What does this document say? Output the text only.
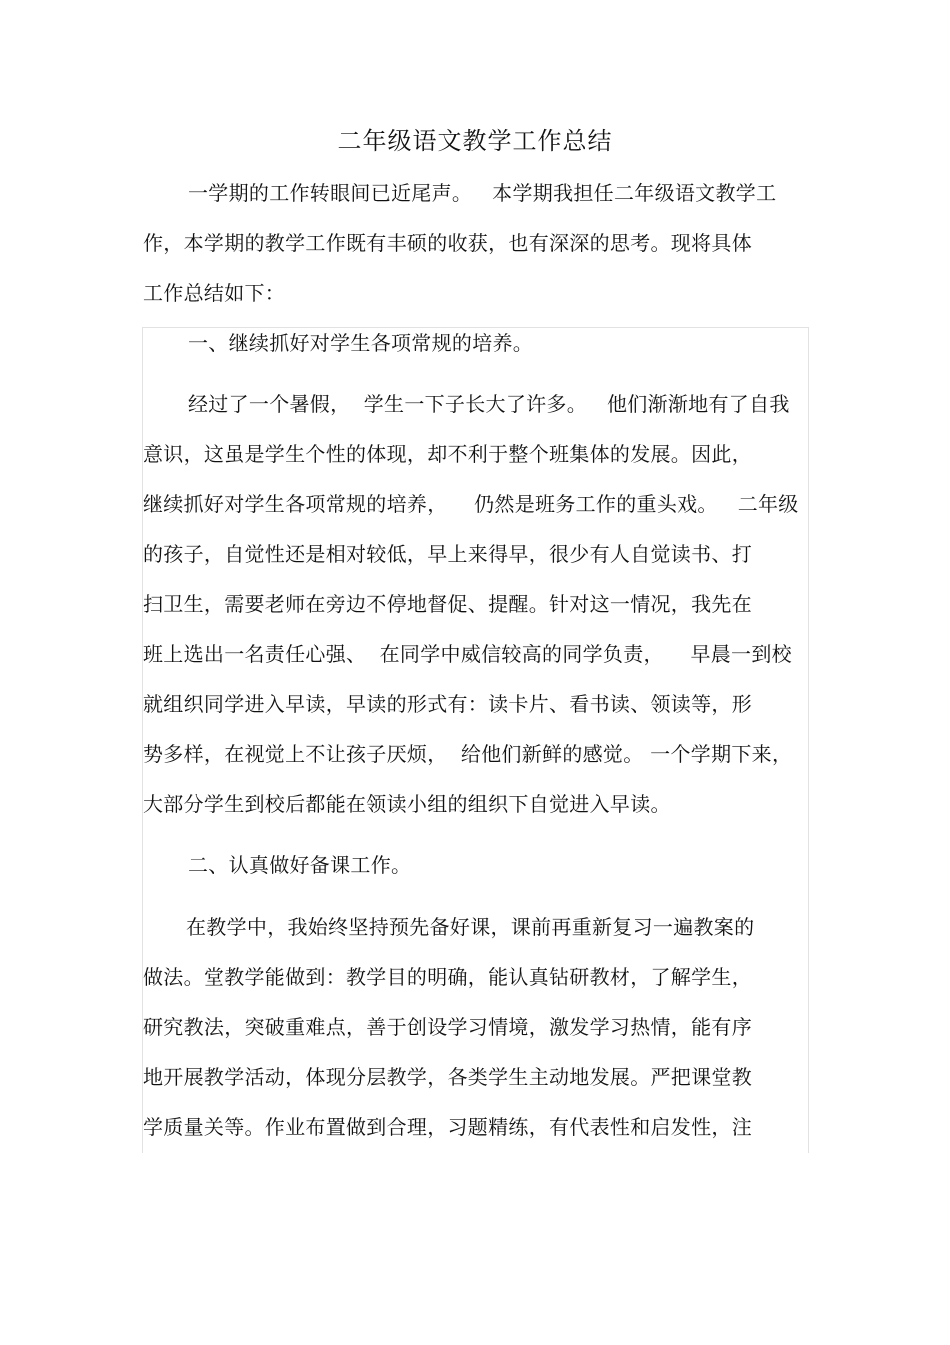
二年级语文教学工作总结
一学期的工作转眼间已近尾声。   本学期我担任二年级语文教学工
作，本学期的教学工作既有丰硕的收获，也有深深的思考。现将具体
工作总结如下：
一、继续抓好对学生各项常规的培养。
经过了一个暑假，  学生一下子长大了许多。   他们渐渐地有了自我
意识，这虽是学生个性的体现，却不利于整个班集体的发展。因此，
继续抓好对学生各项常规的培养，    仍然是班务工作的重头戏。   二年级
的孩子，自觉性还是相对较低，早上来得早，很少有人自觉读书、打
扫卫生，需要老师在旁边不停地督促、提醒。针对这一情况，我先在
班上选出一名责任心强、  在同学中威信较高的同学负责，    早晨一到校
就组织同学进入早读，早读的形式有：读卡片、看书读、领读等，形
势多样，在视觉上不让孩子厌烦，  给他们新鲜的感觉。 一个学期下来，
大部分学生到校后都能在领读小组的组织下自觉进入早读。
二、认真做好备课工作。
在教学中，我始终坚持预先备好课，课前再重新复习一遍教案的
做法。堂教学能做到：教学目的明确，能认真钻研教材，了解学生，
研究教法，突破重难点，善于创设学习情境，激发学习热情，能有序
地开展教学活动，体现分层教学，各类学生主动地发展。严把课堂教
学质量关等。作业布置做到合理，习题精练，有代表性和启发性，注
